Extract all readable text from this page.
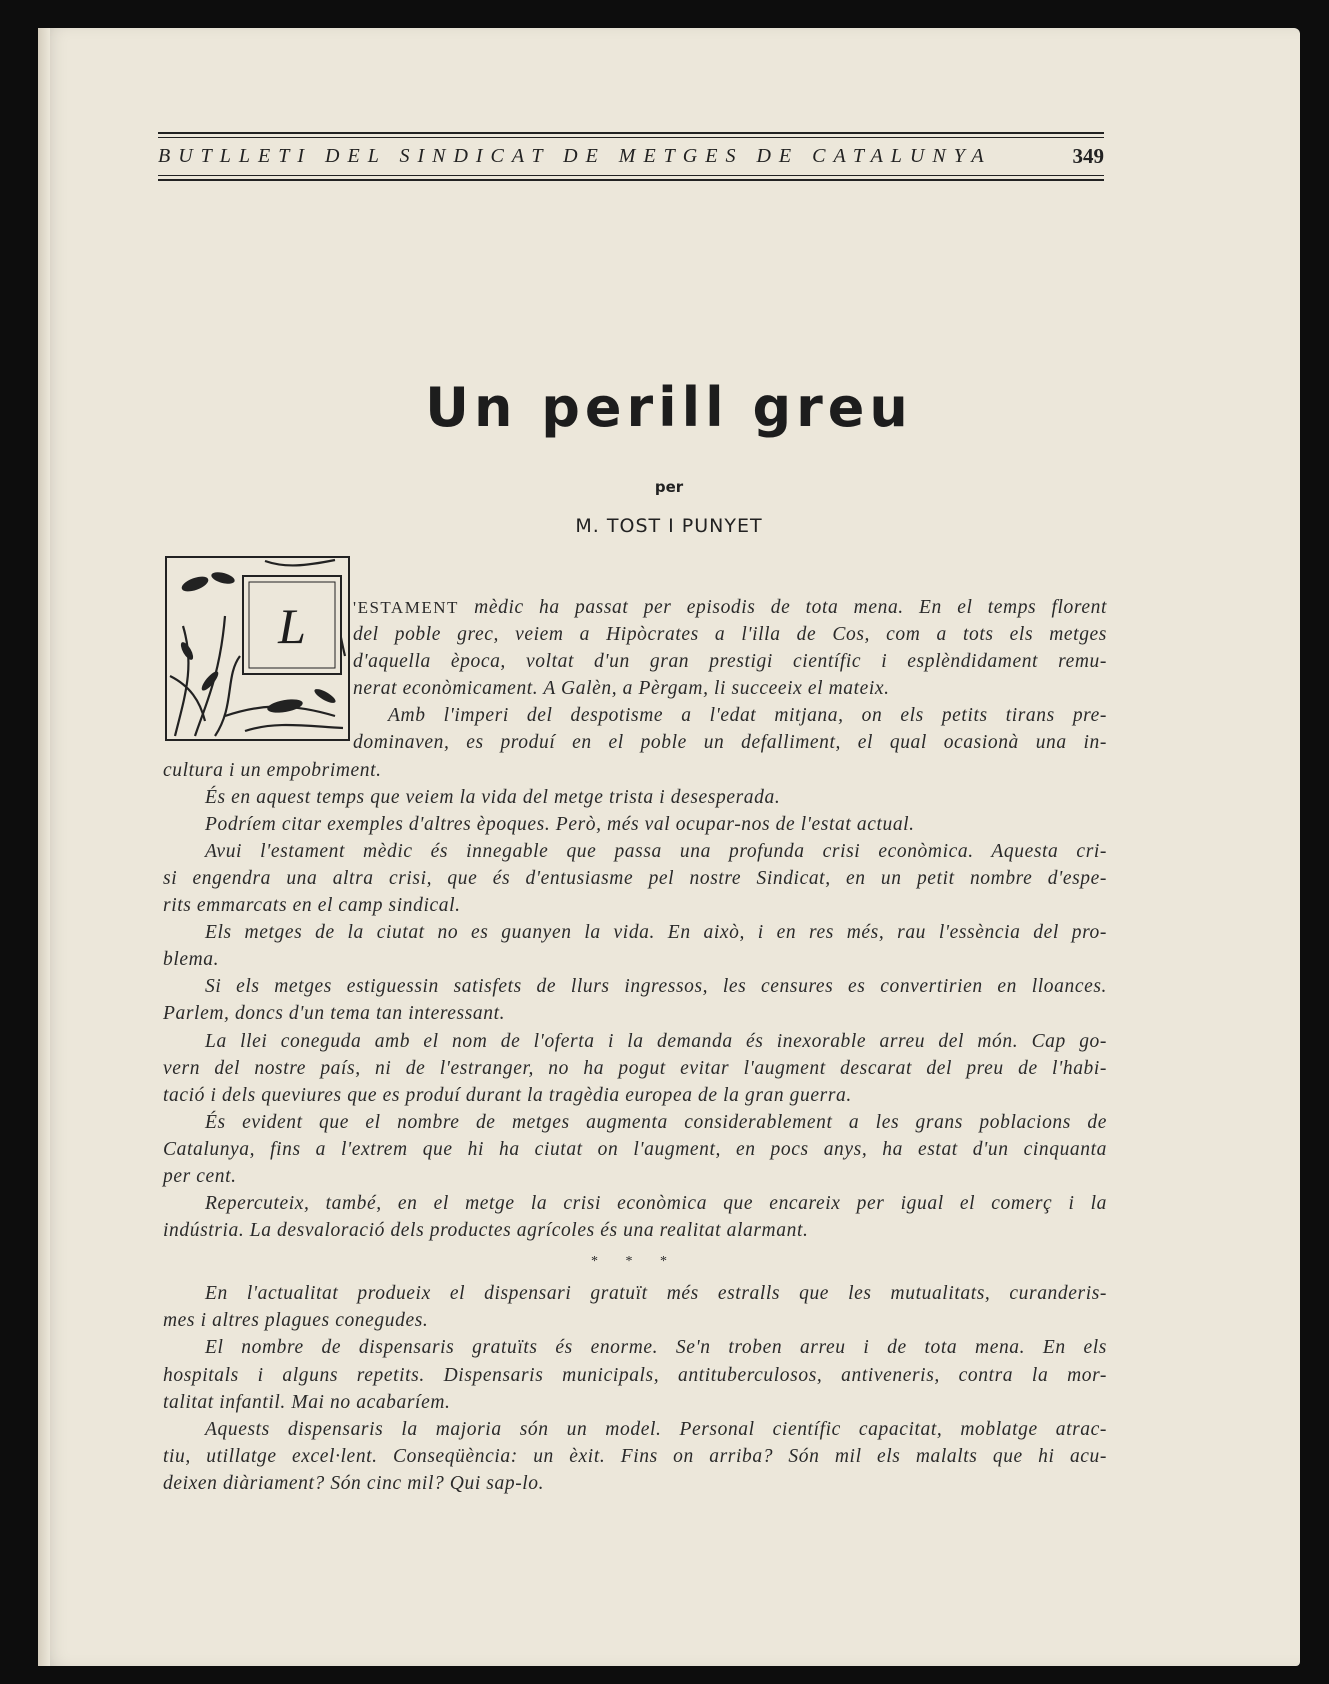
BUTLLETI DEL SINDICAT DE METGES DE CATALUNYA	349
Un perill greu
per
M. TOST I PUNYET
L	'ESTAMENT mèdic ha passat per episodis de tota mena. En el temps florent
del poble grec, veiem a Hipòcrates a l'illa de Cos, com a tots els metges
d'aquella època, voltat d'un gran prestigi científic i esplèndidament remu-
nerat econòmicament. A Galèn, a Pèrgam, li succeeix el mateix.
Amb l'imperi del despotisme a l'edat mitjana, on els petits tirans pre-
dominaven, es produí en el poble un defalliment, el qual ocasionà una in-
cultura i un empobriment.
És en aquest temps que veiem la vida del metge trista i desesperada.
Podríem citar exemples d'altres èpoques. Però, més val ocupar-nos de l'estat actual.
Avui l'estament mèdic és innegable que passa una profunda crisi econòmica. Aquesta cri-
si engendra una altra crisi, que és d'entusiasme pel nostre Sindicat, en un petit nombre d'espe-
rits emmarcats en el camp sindical.
Els metges de la ciutat no es guanyen la vida. En això, i en res més, rau l'essència del pro-
blema.
Si els metges estiguessin satisfets de llurs ingressos, les censures es convertirien en lloances.
Parlem, doncs d'un tema tan interessant.
La llei coneguda amb el nom de l'oferta i la demanda és inexorable arreu del món. Cap go-
vern del nostre país, ni de l'estranger, no ha pogut evitar l'augment descarat del preu de l'habi-
tació i dels queviures que es produí durant la tragèdia europea de la gran guerra.
És evident que el nombre de metges augmenta considerablement a les grans poblacions de
Catalunya, fins a l'extrem que hi ha ciutat on l'augment, en pocs anys, ha estat d'un cinquanta
per cent.
Repercuteix, també, en el metge la crisi econòmica que encareix per igual el comerç i la
indústria. La desvaloració dels productes agrícoles és una realitat alarmant.
* * *
En l'actualitat produeix el dispensari gratuït més estralls que les mutualitats, curanderis-
mes i altres plagues conegudes.
El nombre de dispensaris gratuïts és enorme. Se'n troben arreu i de tota mena. En els
hospitals i alguns repetits. Dispensaris municipals, antituberculosos, antiveneris, contra la mor-
talitat infantil. Mai no acabaríem.
Aquests dispensaris la majoria són un model. Personal científic capacitat, moblatge atrac-
tiu, utillatge excel·lent. Conseqüència: un èxit. Fins on arriba? Són mil els malalts que hi acu-
deixen diàriament? Són cinc mil? Qui sap-lo.
